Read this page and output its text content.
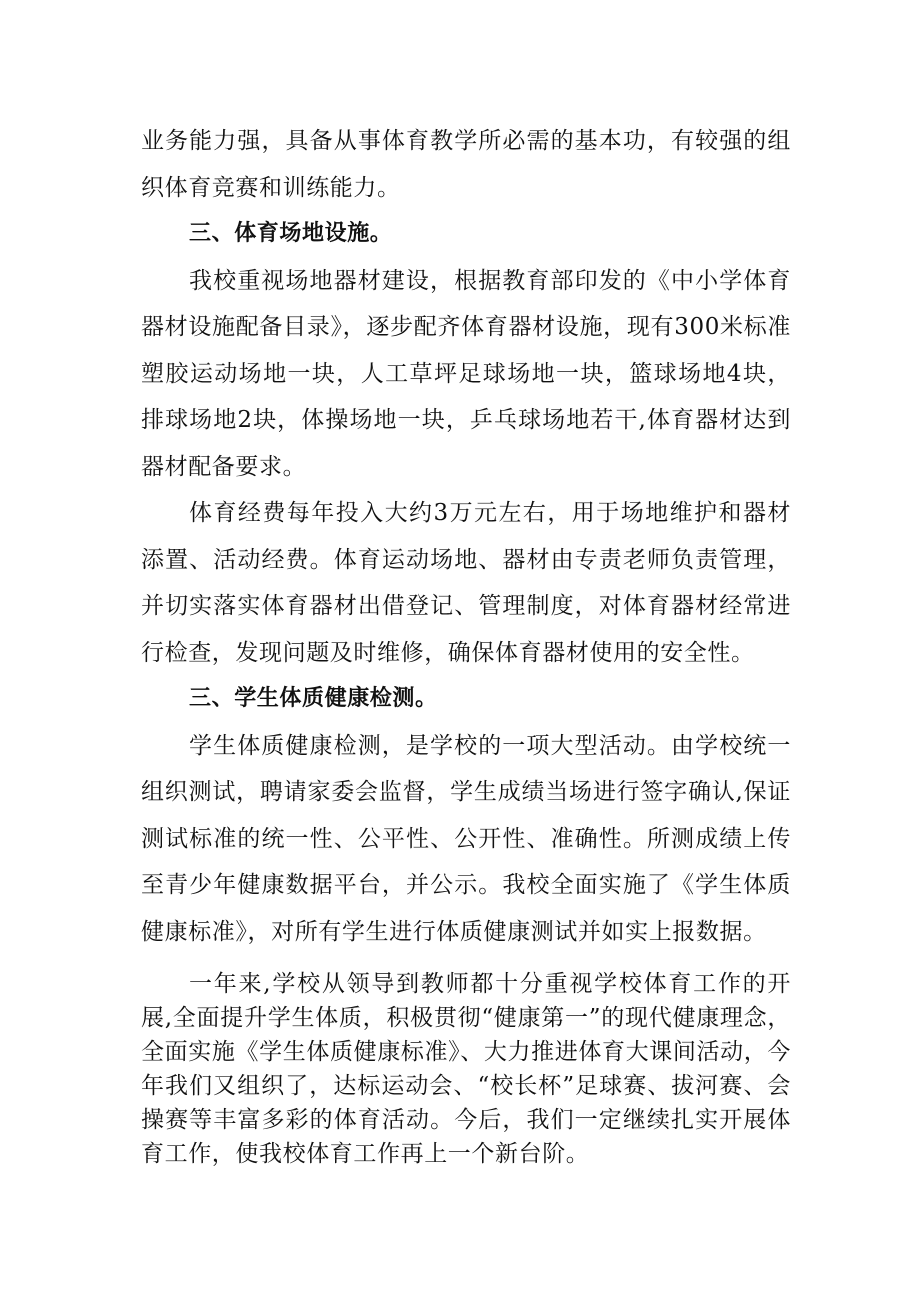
业务能力强，具备从事体育教学所必需的基本功，有较强的组织体育竞赛和训练能力。

三、体育场地设施。

我校重视场地器材建设，根据教育部印发的《中小学体育器材设施配备目录》，逐步配齐体育器材设施，现有300米标准塑胶运动场地一块，人工草坪足球场地一块，篮球场地4块，排球场地2块，体操场地一块，乒乓球场地若干,体育器材达到器材配备要求。

体育经费每年投入大约3万元左右，用于场地维护和器材添置、活动经费。体育运动场地、器材由专责老师负责管理，并切实落实体育器材出借登记、管理制度，对体育器材经常进行检查，发现问题及时维修，确保体育器材使用的安全性。

三、学生体质健康检测。

学生体质健康检测，是学校的一项大型活动。由学校统一组织测试，聘请家委会监督，学生成绩当场进行签字确认,保证测试标准的统一性、公平性、公开性、准确性。所测成绩上传至青少年健康数据平台，并公示。我校全面实施了《学生体质健康标准》，对所有学生进行体质健康测试并如实上报数据。

一年来,学校从领导到教师都十分重视学校体育工作的开展,全面提升学生体质，积极贯彻“健康第一”的现代健康理念，全面实施《学生体质健康标准》、大力推进体育大课间活动，今年我们又组织了，达标运动会、“校长杯”足球赛、拔河赛、会操赛等丰富多彩的体育活动。今后，我们一定继续扎实开展体育工作，使我校体育工作再上一个新台阶。
